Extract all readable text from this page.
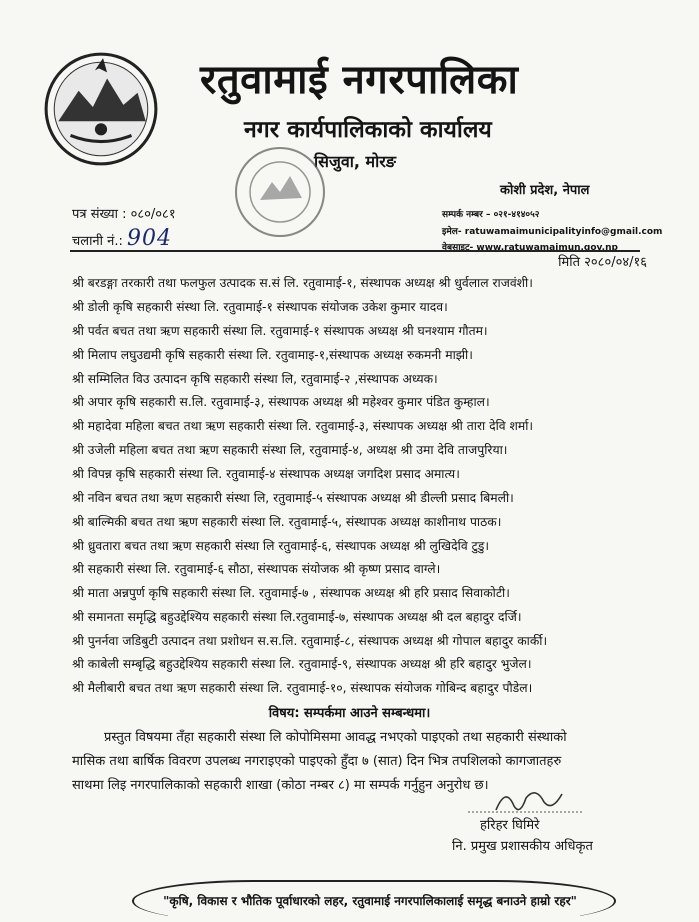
रतुवामाई नगरपालिका
नगर कार्यपालिकाको कार्यालय
सिजुवा, मोरङ
कोशी प्रदेश, नेपाल
सम्पर्क नम्बर – ०२१-४१४०५२
इमेल- ratuwamaimunicipalityinfo@gmail.com
वेबसाइट- www.ratuwamaimun.gov.np
पत्र संख्या : ०८०/०८१
चलानी नं.: 904
मिति २०८०/०४/१६
श्री बरडङ्गा तरकारी तथा फलफुल उत्पादक स.सं लि. रतुवामाई-१, संस्थापक अध्यक्ष श्री धुर्वलाल राजवंशी।
श्री डोली कृषि सहकारी संस्था लि. रतुवामाई-१ संस्थापक संयोजक उकेश कुमार यादव।
श्री पर्वत बचत तथा ऋण सहकारी संस्था लि. रतुवामाई-१ संस्थापक अध्यक्ष श्री घनश्याम गौतम।
श्री मिलाप लघुउद्यमी कृषि सहकारी संस्था लि. रतुवामाइ-१,संस्थापक अध्यक्ष रुकमनी माझी।
श्री सम्मिलित विउ उत्पादन कृषि सहकारी संस्था लि, रतुवामाई-२ ,संस्थापक अध्यक।
श्री अपार कृषि सहकारी स.लि. रतुवामाई-३, संस्थापक अध्यक्ष श्री महेश्वर कुमार पंडित कुम्हाल।
श्री महादेवा महिला बचत तथा ऋण सहकारी संस्था लि. रतुवामाई-३, संस्थापक अध्यक्ष श्री तारा देवि शर्मा।
श्री उजेली महिला बचत तथा ऋण सहकारी संस्था लि, रतुवामाई-४, अध्यक्ष श्री उमा देवि ताजपुरिया।
श्री विपन्न कृषि सहकारी संस्था लि. रतुवामाई-४ संस्थापक अध्यक्ष जगदिश प्रसाद अमात्य।
श्री नविन बचत तथा ऋण सहकारी संस्था लि, रतुवामाई-५ संस्थापक अध्यक्ष श्री डील्ली प्रसाद बिमली।
श्री बाल्मिकी बचत तथा ऋण सहकारी संस्था लि. रतुवामाई-५, संस्थापक अध्यक्ष काशीनाथ पाठक।
श्री ध्रुवतारा बचत तथा ऋण सहकारी संस्था लि रतुवामाई-६, संस्थापक अध्यक्ष श्री लुखिदेवि टुडु।
श्री सहकारी संस्था लि. रतुवामाई-६ सौठा, संस्थापक संयोजक श्री कृष्ण प्रसाद वाग्ले।
श्री माता अन्नपुर्ण कृषि सहकारी संस्था लि. रतुवामाई-७ , संस्थापक अध्यक्ष श्री हरि प्रसाद सिवाकोटी।
श्री समानता समृद्धि बहुउद्देश्यिय सहकारी संस्था लि.रतुवामाई-७, संस्थापक अध्यक्ष श्री दल बहादुर दर्जि।
श्री पुनर्नवा जडिबुटी उत्पादन तथा प्रशोधन स.स.लि. रतुवामाई-८, संस्थापक अध्यक्ष श्री गोपाल बहादुर कार्की।
श्री काबेली सम्बृद्धि बहुउद्देश्यिय सहकारी संस्था लि. रतुवामाई-९, संस्थापक अध्यक्ष श्री हरि बहादुर भुजेल।
श्री मैलीबारी बचत तथा ऋण सहकारी संस्था लि. रतुवामाई-१०, संस्थापक संयोजक गोबिन्द बहादुर पौडेल।
विषय: सम्पर्कमा आउने सम्बन्धमा।
प्रस्तुत विषयमा तँहा सहकारी संस्था लि कोपोमिसमा आवद्ध नभएको पाइएको तथा सहकारी संस्थाको
मासिक तथा बार्षिक विवरण उपलब्ध नगराइएको पाइएको हुँदा ७ (सात) दिन भित्र तपशिलको कागजातहरु
साथमा लिइ नगरपालिकाको सहकारी शाखा (कोठा नम्बर ८) मा सम्पर्क गर्नुहुन अनुरोध छ।
हरिहर घिमिरे
नि. प्रमुख प्रशासकीय अधिकृत
"कृषि, विकास र भौतिक पूर्वाधारको लहर, रतुवामाई नगरपालिकालाई समृद्ध बनाउने हाम्रो रहर"
